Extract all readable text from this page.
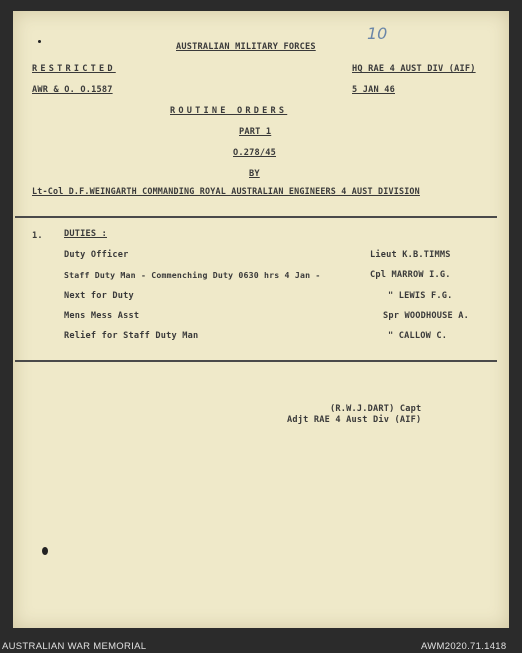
10
AUSTRALIAN MILITARY FORCES
RESTRICTED	HQ RAE 4 AUST DIV (AIF)
AWR & O. O.1587	5 JAN 46
ROUTINE ORDERS
PART 1
O.278/45
BY
Lt-Col D.F.WEINGARTH COMMANDING ROYAL AUSTRALIAN ENGINEERS 4 AUST DIVISION
1. DUTIES :
Duty Officer	Lieut K.B.TIMMS
Staff Duty Man - Commenching Duty 0630 hrs 4 Jan -	Cpl MARROW I.G.
Next for Duty	" LEWIS F.G.
Mens Mess Asst	Spr WOODHOUSE A.
Relief for Staff Duty Man	" CALLOW C.
(R.W.J.DART) Capt
Adjt RAE 4 Aust Div (AIF)
AUSTRALIAN WAR MEMORIAL	AWM2020.71.1418
